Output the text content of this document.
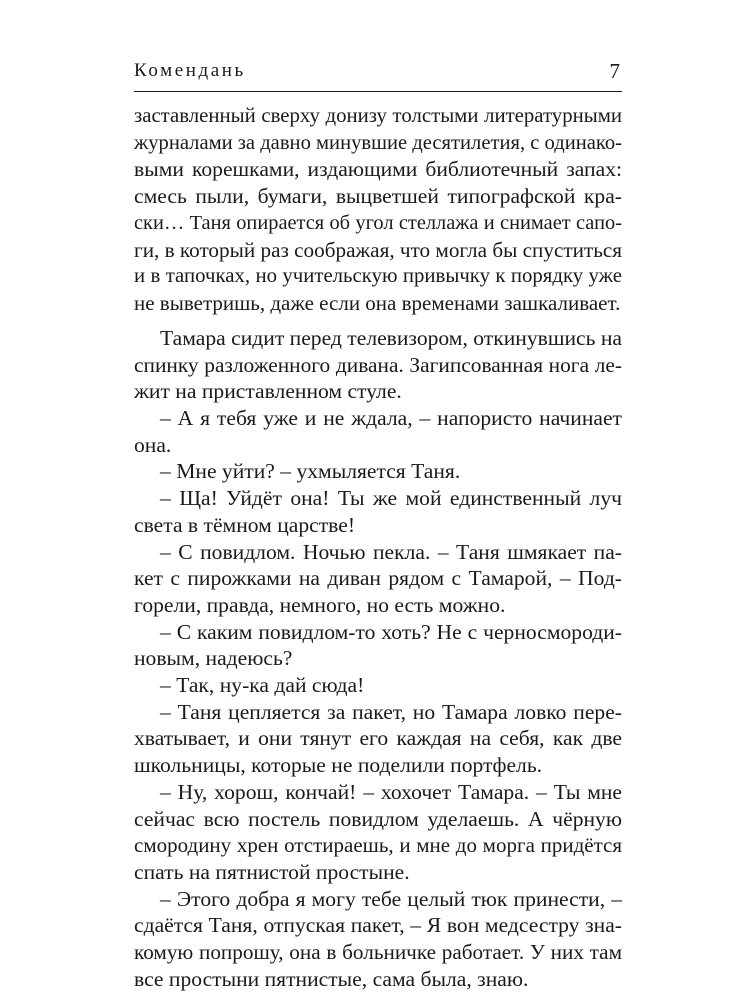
Комендань	7

заставленный сверху донизу толстыми литературными

журналами за давно минувшие десятилетия, с одинако-

выми корешками, издающими библиотечный запах:

смесь пыли, бумаги, выцветшей типографской кра-

ски… Таня опирается об угол стеллажа и снимает сапо-

ги, в который раз соображая, что могла бы спуститься

и в тапочках, но учительскую привычку к порядку уже

не выветришь, даже если она временами зашкаливает.

Тамара сидит перед телевизором, откинувшись на

спинку разложенного дивана. Загипсованная нога ле-

жит на приставленном стуле.

– А я тебя уже и не ждала, – напористо начинает

она.

– Мне уйти? – ухмыляется Таня.

– Ща! Уйдёт она! Ты же мой единственный луч

света в тёмном царстве!

– С повидлом. Ночью пекла. – Таня шмякает па-

кет с пирожками на диван рядом с Тамарой, – Под-

горели, правда, немного, но есть можно.

– С каким повидлом-то хоть? Не с черносмороди-

новым, надеюсь?

– Так, ну-ка дай сюда!

– Таня цепляется за пакет, но Тамара ловко пере-

хватывает, и они тянут его каждая на себя, как две

школьницы, которые не поделили портфель.

– Ну, хорош, кончай! – хохочет Тамара. – Ты мне

сейчас всю постель повидлом уделаешь. А чёрную

смородину хрен отстираешь, и мне до морга придётся

спать на пятнистой простыне.

– Этого добра я могу тебе целый тюк принести, –

сдаётся Таня, отпуская пакет, – Я вон медсестру зна-

комую попрошу, она в больничке работает. У них там

все простыни пятнистые, сама была, знаю.
